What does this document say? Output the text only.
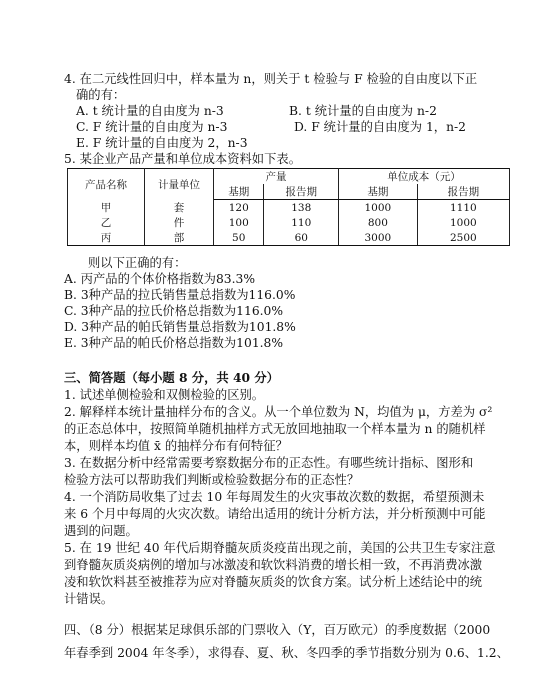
4. 在二元线性回归中，样本量为 n，则关于 t 检验与 F 检验的自由度以下正
确的有：
A. t 统计量的自由度为 n-3	B. t 统计量的自由度为 n-2
C. F 统计量的自由度为 n-3	D. F 统计量的自由度为 1，n-2
E. F 统计量的自由度为 2，n-3
5. 某企业产品产量和单位成本资料如下表。
产品名称	计量单位	产量		单位成本（元）	
		基期	报告期	基期	报告期
甲	套	120	138	1000	1110
乙	件	100	110	800	1000
丙	部	50	60	3000	2500
则以下正确的有：
A. 丙产品的个体价格指数为83.3%
B. 3种产品的拉氏销售量总指数为116.0%
C. 3种产品的拉氏价格总指数为116.0%
D. 3种产品的帕氏销售量总指数为101.8%
E. 3种产品的帕氏价格总指数为101.8%
三、简答题（每小题 8 分，共 40 分）
1. 试述单侧检验和双侧检验的区别。
2. 解释样本统计量抽样分布的含义。从一个单位数为 N，均值为 μ，方差为 σ²
的正态总体中，按照简单随机抽样方式无放回地抽取一个样本量为 n 的随机样
本，则样本均值 x̄ 的抽样分布有何特征？
3. 在数据分析中经常需要考察数据分布的正态性。有哪些统计指标、图形和
检验方法可以帮助我们判断或检验数据分布的正态性？
4. 一个消防局收集了过去 10 年每周发生的火灾事故次数的数据，希望预测未
来 6 个月中每周的火灾次数。请给出适用的统计分析方法，并分析预测中可能
遇到的问题。
5. 在 19 世纪 40 年代后期脊髓灰质炎疫苗出现之前，美国的公共卫生专家注意
到脊髓灰质炎病例的增加与冰激凌和软饮料消费的增长相一致，不再消费冰激
凌和软饮料甚至被推荐为应对脊髓灰质炎的饮食方案。试分析上述结论中的统
计错误。
四、（8 分）根据某足球俱乐部的门票收入（Y，百万欧元）的季度数据（2000
年春季到 2004 年冬季），求得春、夏、秋、冬四季的季节指数分别为 0.6、1.2、
